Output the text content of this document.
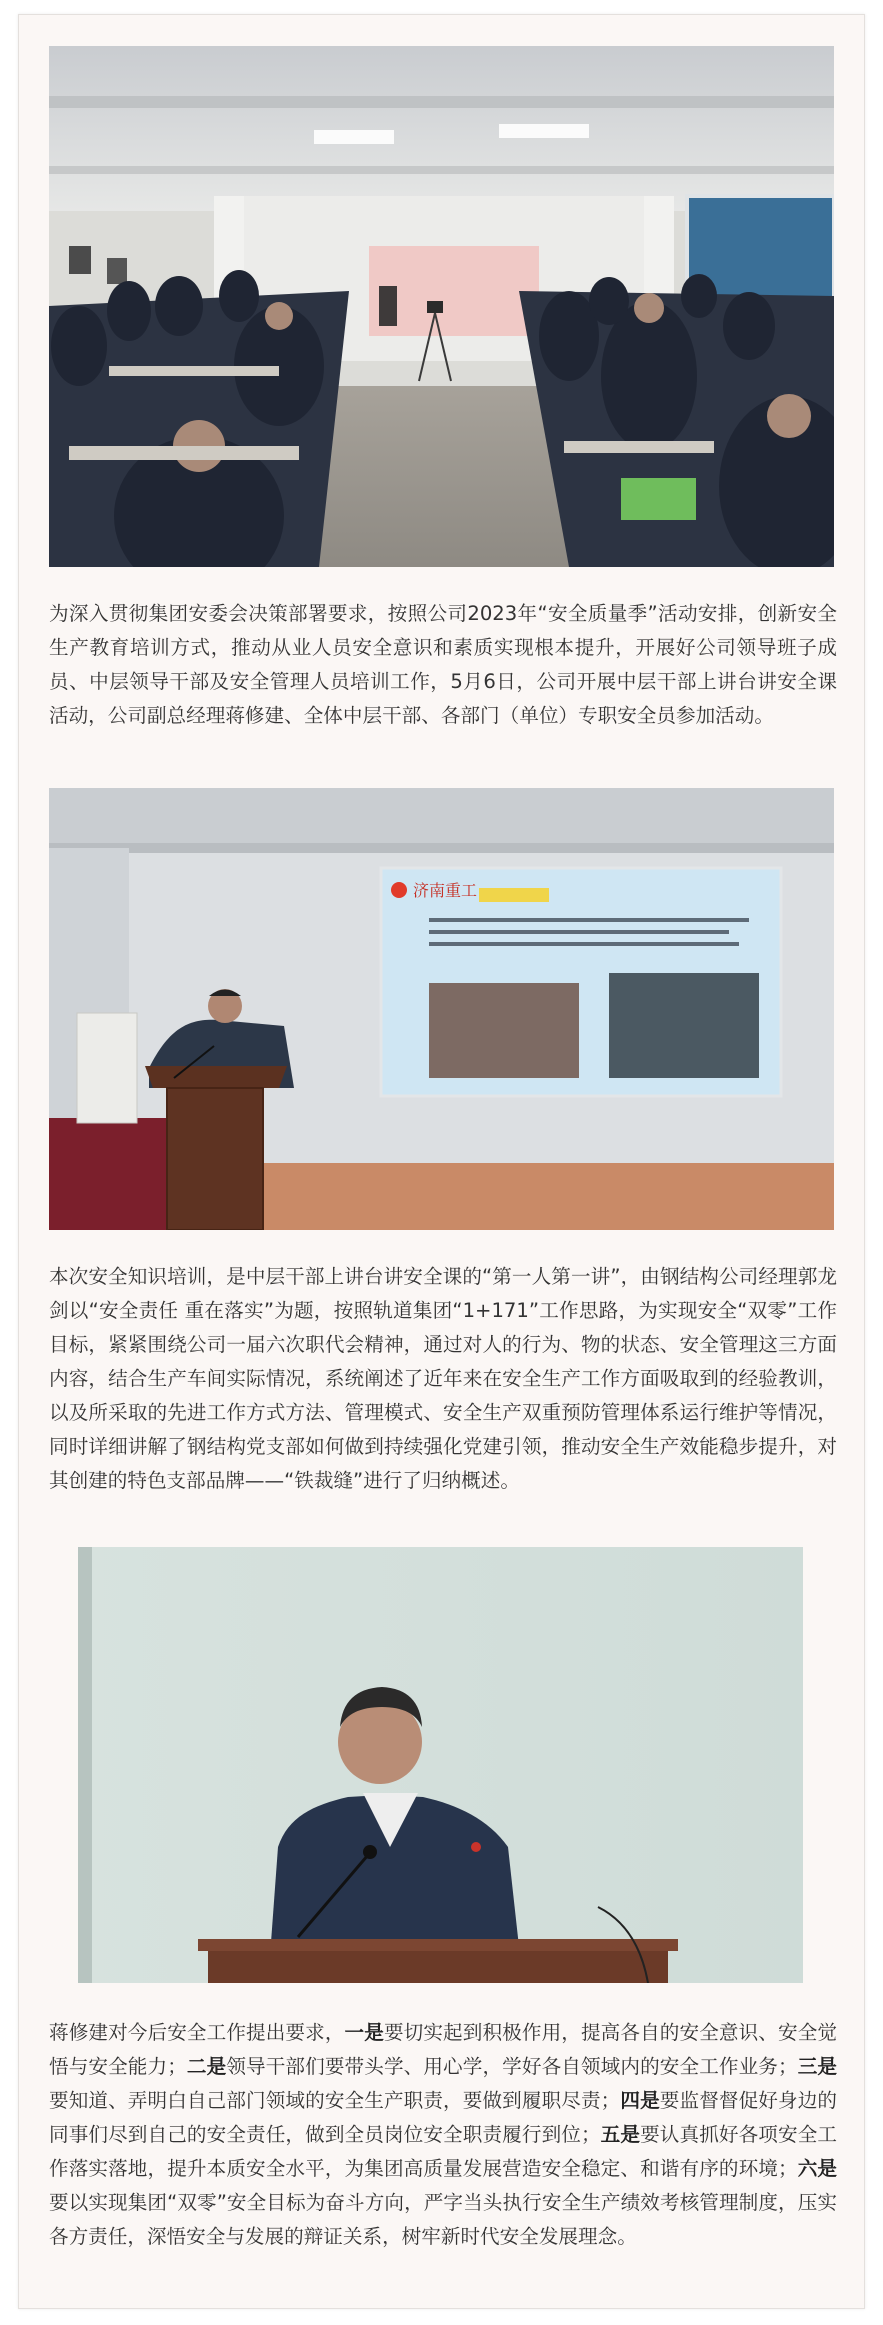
为深入贯彻集团安委会决策部署要求，按照公司2023年“安全质量季”活动安排，创新安全生产教育培训方式，推动从业人员安全意识和素质实现根本提升，开展好公司领导班子成员、中层领导干部及安全管理人员培训工作，5月6日，公司开展中层干部上讲台讲安全课活动，公司副总经理蒋修建、全体中层干部、各部门（单位）专职安全员参加活动。

济南重工

本次安全知识培训，是中层干部上讲台讲安全课的“第一人第一讲”，由钢结构公司经理郭龙剑以“安全责任 重在落实”为题，按照轨道集团“1+171”工作思路，为实现安全“双零”工作目标，紧紧围绕公司一届六次职代会精神，通过对人的行为、物的状态、安全管理这三方面内容，结合生产车间实际情况，系统阐述了近年来在安全生产工作方面吸取到的经验教训，以及所采取的先进工作方式方法、管理模式、安全生产双重预防管理体系运行维护等情况，同时详细讲解了钢结构党支部如何做到持续强化党建引领，推动安全生产效能稳步提升，对其创建的特色支部品牌——“铁裁缝”进行了归纳概述。

蒋修建对今后安全工作提出要求，一是要切实起到积极作用，提高各自的安全意识、安全觉悟与安全能力；二是领导干部们要带头学、用心学，学好各自领域内的安全工作业务；三是要知道、弄明白自己部门领域的安全生产职责，要做到履职尽责；四是要监督督促好身边的同事们尽到自己的安全责任，做到全员岗位安全职责履行到位；五是要认真抓好各项安全工作落实落地，提升本质安全水平，为集团高质量发展营造安全稳定、和谐有序的环境；六是要以实现集团“双零”安全目标为奋斗方向，严字当头执行安全生产绩效考核管理制度，压实各方责任，深悟安全与发展的辩证关系，树牢新时代安全发展理念。
